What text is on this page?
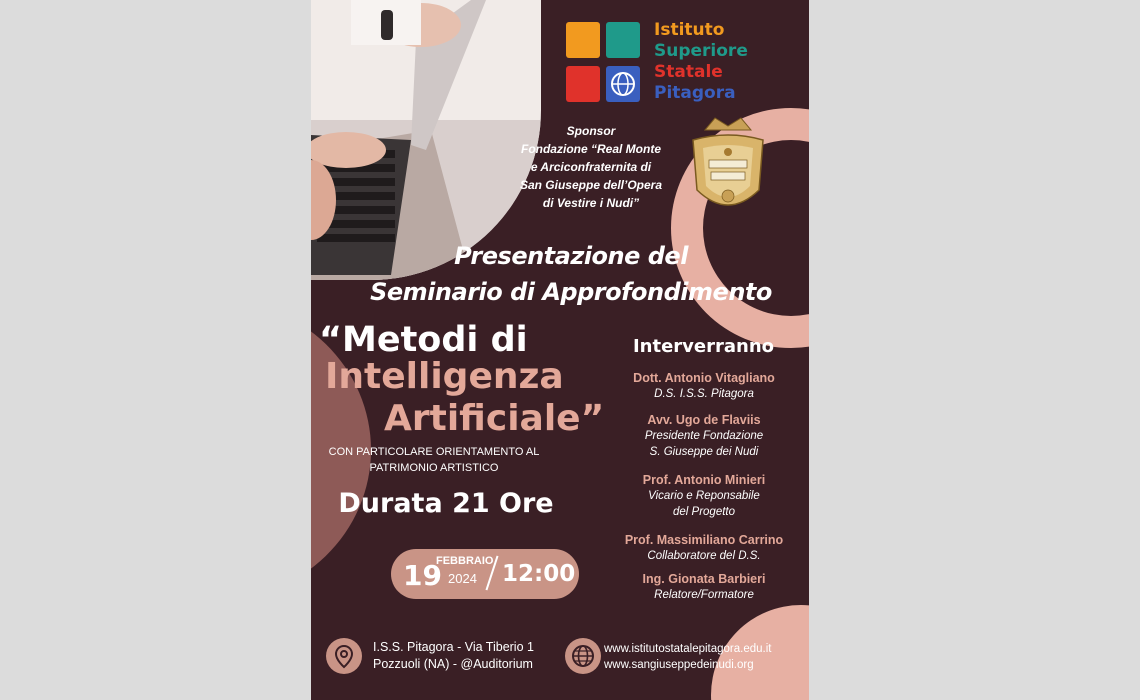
Istituto
Superiore
Statale
Pitagora
Sponsor
Fondazione “Real Monte
e Arciconfraternita di
San Giuseppe dell’Opera
di Vestire i Nudi”
Presentazione del
Seminario di Approfondimento
“Metodi di
Intelligenza
Artificiale”
CON PARTICOLARE ORIENTAMENTO AL
PATRIMONIO ARTISTICO
Durata 21 Ore
19
FEBBRAIO
2024 12:00
Interverranno
Dott. Antonio Vitagliano
D.S. I.S.S. Pitagora
Avv. Ugo de Flaviis
Presidente Fondazione
S. Giuseppe dei Nudi
Prof. Antonio Minieri
Vicario e Reponsabile
del Progetto
Prof. Massimiliano Carrino
Collaboratore del D.S.
Ing. Gionata Barbieri
Relatore/Formatore
I.S.S. Pitagora - Via Tiberio 1
Pozzuoli (NA) - @Auditorium
www.istitutostatalepitagora.edu.it
www.sangiuseppedeinudi.org
